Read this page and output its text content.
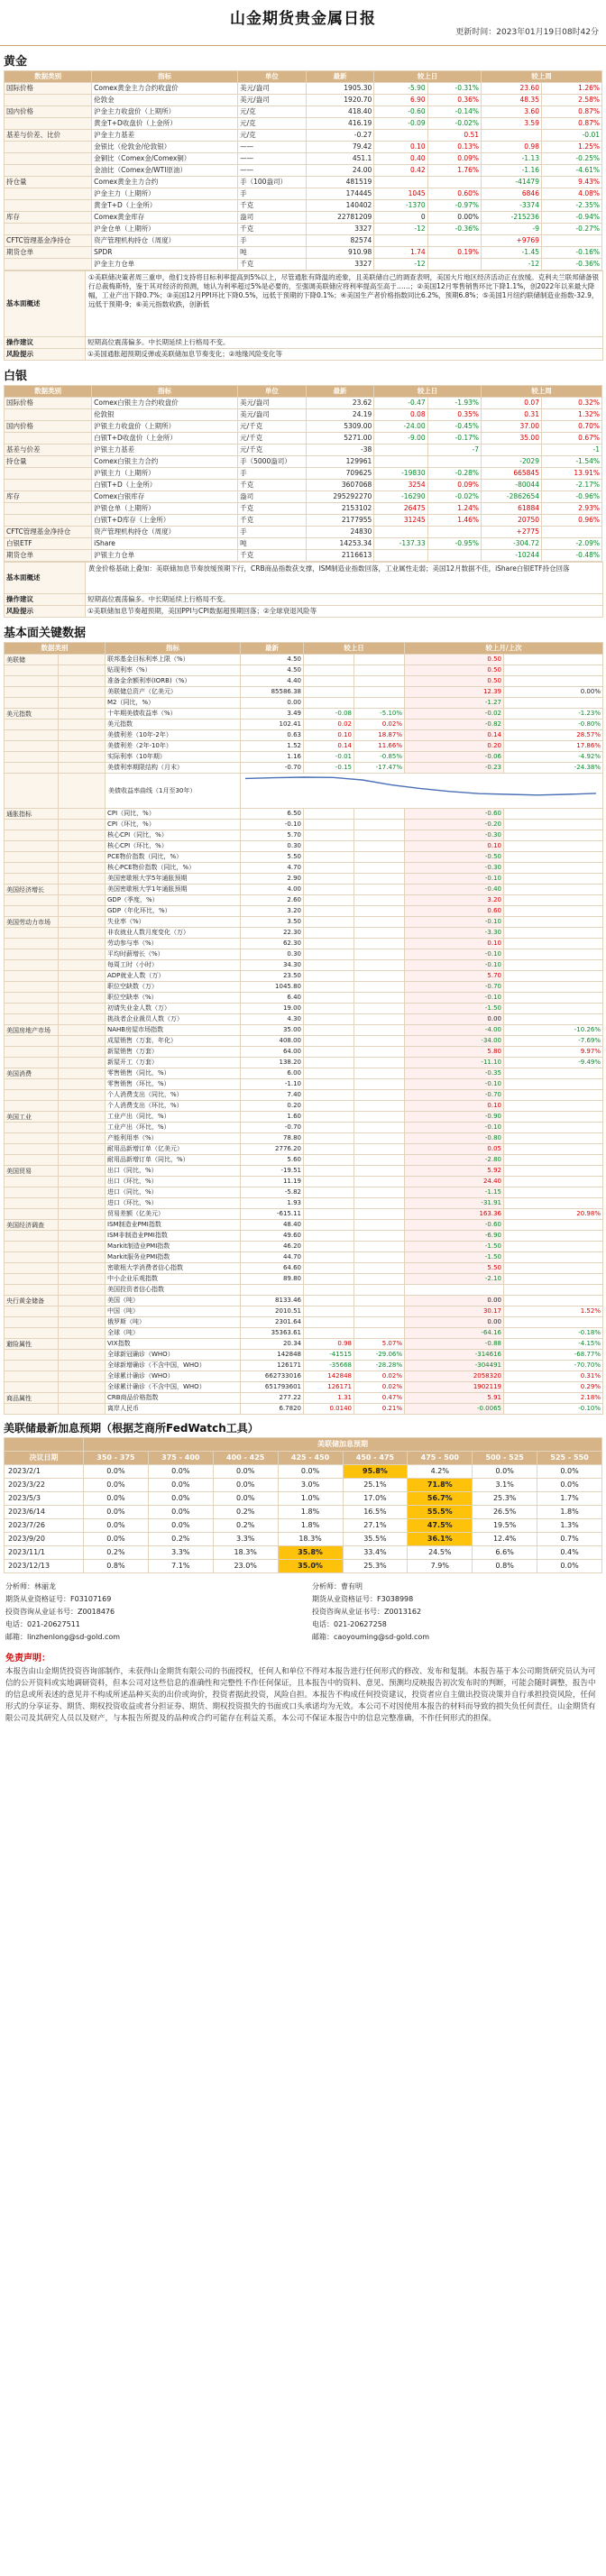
山金期货贵金属日报
更新时间：2023年01月19日08时42分
黄金
数据类别	指标	单位	最新	较上日		较上周	
国际价格	Comex黄金主力合约收盘价	美元/盎司	1905.30	-5.90	-0.31%	23.60	1.26%
	伦敦金	美元/盎司	1920.70	6.90	0.36%	48.35	2.58%
国内价格	沪金主力收盘价（上期所）	元/克	418.40	-0.60	-0.14%	3.60	0.87%
	黄金T+D收盘价（上金所）	元/克	416.19	-0.09	-0.02%	3.59	0.87%
基差与价差、比价	沪金主力基差	元/克	-0.27		0.51		-0.01
	金银比（伦敦金/伦敦银）	——	79.42	0.10	0.13%	0.98	1.25%
	金铜比（Comex金/Comex铜）	——	451.1	0.40	0.09%	-1.13	-0.25%
	金油比（Comex金/WTI原油）	——	24.00	0.42	1.76%	-1.16	-4.61%
持仓量	Comex黄金主力合约	手（100盎司）	481519			-41479	9.43%
	沪金主力（上期所）	手	174445	1045	0.60%	6846	4.08%
	黄金T+D（上金所）	千克	140402	-1370	-0.97%	-3374	-2.35%
库存	Comex黄金库存	盎司	22781209	0	0.00%	-215236	-0.94%
	沪金仓单（上期所）	千克	3327	-12	-0.36%	-9	-0.27%
CFTC管理基金净持仓	资产管理机构持仓（周度）	手	82574			+9769	
期货仓单	SPDR	吨	910.98	1.74	0.19%	-1.45	-0.16%
	沪金主力仓单	千克	3327	-12		-12	-0.36%
基本面概述	①美联储决策者周三重申，他们支持将目标利率提高到5%以上，尽管通胀有降温的迹象，且美联储自己的调查表明，美国大片地区经济活动正在放缓。克利夫兰联邦储备银行总裁梅斯特，鉴于其对经济的预测，她认为利率超过5%是必要的，至强调美联储应将利率提高至高于……；②美国12月零售销售环比下降1.1%，创2022年以来最大降幅，工业产出下降0.7%；③美国12月PPI环比下降0.5%，远低于预期的下降0.1%；④美国生产者价格指数同比6.2%，预期6.8%；⑤美国1月纽约联储制造业指数-32.9，远低于预期-9；⑥美元指数收跌，创新低
操作建议	短期高位震荡偏多。中长期延续上行格局不变。
风险提示	①美国通胀超预期反弹或美联储加息节奏变化；②地缘风险变化等
白银
数据类别	指标	单位	最新	较上日		较上周	
国际价格	Comex白银主力合约收盘价	美元/盎司	23.62	-0.47	-1.93%	0.07	0.32%
	伦敦银	美元/盎司	24.19	0.08	0.35%	0.31	1.32%
国内价格	沪银主力收盘价（上期所）	元/千克	5309.00	-24.00	-0.45%	37.00	0.70%
	白银T+D收盘价（上金所）	元/千克	5271.00	-9.00	-0.17%	35.00	0.67%
基差与价差	沪银主力基差	元/千克	-38		-7		-1
持仓量	Comex白银主力合约	手（5000盎司）	129961			-2029	-1.54%
	沪银主力（上期所）	手	709625	-19830	-0.28%	665845	13.91%
	白银T+D（上金所）	千克	3607068	3254	0.09%	-80044	-2.17%
库存	Comex白银库存	盎司	295292270	-16290	-0.02%	-2862654	-0.96%
	沪银仓单（上期所）	千克	2153102	26475	1.24%	61884	2.93%
	白银T+D库存（上金所）	千克	2177955	31245	1.46%	20750	0.96%
CFTC管理基金净持仓	资产管理机构持仓（周度）	手	24830			+2775	
白银ETF	iShare	吨	14253.34	-137.33	-0.95%	-304.72	-2.09%
期货仓单	沪银主力仓单	千克	2116613			-10244	-0.48%
基本面概述	黄金价格基础上叠加：美联储加息节奏放缓预期下行，CRB商品指数获支撑，ISM制造业指数回落，工业属性走弱；美国12月数据不佳，iShare白银ETF持仓回落
操作建议	短期高位震荡偏多。中长期延续上行格局不变。
风险提示	①美联储加息节奏超预期，美国PPI与CPI数据超预期回落；②全球衰退风险等
基本面关键数据
数据类别		指标	最新	较上日		较上月/上次	
美联储		联邦基金目标利率上限（%）	4.50			0.50	
		贴现利率（%）	4.50			0.50	
		准备金余额利率(IORB)（%）	4.40			0.50	
		美联储总资产（亿美元）	85586.38			12.39	0.00%
		M2（同比，%）	0.00			-1.27	
美元指数		十年期美债收益率（%）	3.49	-0.08	-5.10%	-0.02	-1.23%
		美元指数	102.41	0.02	0.02%	-0.82	-0.80%
		美债利差（10年-2年）	0.63	0.10	18.87%	0.14	28.57%
		美债利差（2年-10年）	1.52	0.14	11.66%	0.20	17.86%
		实际利率（10年期）	1.16	-0.01	-0.85%	-0.06	-4.92%
		美债利率期限结构（月末）	-0.70	-0.15	-17.47%	-0.23	-24.38%
		美债收益率曲线（1月至30年）	
通胀指标		CPI（同比，%）	6.50			-0.60	
		CPI（环比，%）	-0.10			-0.20	
		核心CPI（同比，%）	5.70			-0.30	
		核心CPI（环比，%）	0.30			0.10	
		PCE物价指数（同比，%）	5.50			-0.50	
		核心PCE物价指数（同比，%）	4.70			-0.30	
		美国密歇根大学5年通胀预期	2.90			-0.10	
美国经济增长		美国密歇根大学1年通胀预期	4.00			-0.40	
		GDP（季度，%）	2.60			3.20	
		GDP（年化环比，%）	3.20			0.60	
美国劳动力市场		失业率（%）	3.50			-0.10	
		非农就业人数月度变化（万）	22.30			-3.30	
		劳动参与率（%）	62.30			0.10	
		平均时薪增长（%）	0.30			-0.10	
		每周工时（小时）	34.30			-0.10	
		ADP就业人数（万）	23.50			5.70	
		职位空缺数（万）	1045.80			-0.70	
		职位空缺率（%）	6.40			-0.10	
		初请失业金人数（万）	19.00			-1.50	
		挑战者企业裁员人数（万）	4.30			0.00	
美国房地产市场		NAHB房屋市场指数	35.00			-4.00	-10.26%
		成屋销售（万套，年化）	408.00			-34.00	-7.69%
		新屋销售（万套）	64.00			5.80	9.97%
		新屋开工（万套）	138.20			-11.10	-9.49%
美国消费		零售销售（同比，%）	6.00			-0.35	
		零售销售（环比，%）	-1.10			-0.10	
		个人消费支出（同比，%）	7.40			-0.70	
		个人消费支出（环比，%）	0.20			0.10	
美国工业		工业产出（同比，%）	1.60			-0.90	
		工业产出（环比，%）	-0.70			-0.10	
		产能利用率（%）	78.80			-0.80	
		耐用品新增订单（亿美元）	2776.20			0.05	
		耐用品新增订单（同比，%）	5.60			-2.80	
美国贸易		出口（同比，%）	-19.51			5.92	
		出口（环比，%）	11.19			24.40	
		进口（同比，%）	-5.82			-1.15	
		进口（环比，%）	1.93			-31.91	
		贸易差额（亿美元）	-615.11			163.36	20.98%
美国经济调查		ISM制造业PMI指数	48.40			-0.60	
		ISM非制造业PMI指数	49.60			-6.90	
		Markit制造业PMI指数	46.20			-1.50	
		Markit服务业PMI指数	44.70			-1.50	
		密歇根大学消费者信心指数	64.60			5.50	
		中小企业乐观指数	89.80			-2.10	
		美国投资者信心指数					
央行黄金储备		美国（吨）	8133.46			0.00	
		中国（吨）	2010.51			30.17	1.52%
		俄罗斯（吨）	2301.64			0.00	
		全球（吨）	35363.61			-64.16	-0.18%
避险属性		VIX指数	20.34	0.98	5.07%	-0.88	-4.15%
		全球新冠确诊（WHO）	142848	-41515	-29.06%	-314616	-68.77%
		全球新增确诊（不含中国，WHO）	126171	-35668	-28.28%	-304491	-70.70%
		全球累计确诊（WHO）	662733016	142848	0.02%	2058320	0.31%
		全球累计确诊（不含中国，WHO）	651793601	126171	0.02%	1902119	0.29%
商品属性		CRB商品价格指数	277.22	1.31	0.47%	5.91	2.18%
		离岸人民币	6.7820	0.0140	0.21%	-0.0065	-0.10%
美联储最新加息预期（根据芝商所FedWatch工具）
	美联储加息预期							
决议日期	350 - 375	375 - 400	400 - 425	425 - 450	450 - 475	475 - 500	500 - 525	525 - 550
2023/2/1	0.0%	0.0%	0.0%	0.0%	95.8%	4.2%	0.0%	0.0%
2023/3/22	0.0%	0.0%	0.0%	3.0%	25.1%	71.8%	3.1%	0.0%
2023/5/3	0.0%	0.0%	0.0%	1.0%	17.0%	56.7%	25.3%	1.7%
2023/6/14	0.0%	0.0%	0.2%	1.8%	16.5%	55.5%	26.5%	1.8%
2023/7/26	0.0%	0.0%	0.2%	1.8%	27.1%	47.5%	19.5%	1.3%
2023/9/20	0.0%	0.2%	3.3%	18.3%	35.5%	36.1%	12.4%	0.7%
2023/11/1	0.2%	3.3%	18.3%	35.8%	33.4%	24.5%	6.6%	0.4%
2023/12/13	0.8%	7.1%	23.0%	35.0%	25.3%	7.9%	0.8%	0.0%
分析师：林丽龙
期货从业资格证号：F03107169
投资咨询从业证书号：Z0018476
电话：021-20627511
邮箱：linzhenlong@sd-gold.com
分析师：曹有明
期货从业资格证号：F3038998
投资咨询从业证书号：Z0013162
电话：021-20627258
邮箱：caoyouming@sd-gold.com
免责声明：
本报告由山金期货投资咨询部制作，未获得山金期货有限公司的书面授权，任何人和单位不得对本报告进行任何形式的修改、发布和复制。本报告基于本公司期货研究员认为可信的公开资料或实地调研资料，但本公司对这些信息的准确性和完整性不作任何保证，且本报告中的资料、意见、预测均反映报告初次发布时的判断，可能会随时调整，报告中的信息或所表述的意见并不构成所述品种买卖的出价或询价，投资者据此投资，风险自担。本报告不构成任何投资建议，投资者应自主做出投资决策并自行承担投资风险，任何形式的分享证券、期货、期权投资收益或者分担证券、期货、期权投资损失的书面或口头承诺均为无效。本公司不对因使用本报告的材料而导致的损失负任何责任。山金期货有限公司及其研究人员以及财产，与本报告所提及的品种或合约可能存在利益关系，本公司不保证本报告中的信息完整准确，不作任何形式的担保。
